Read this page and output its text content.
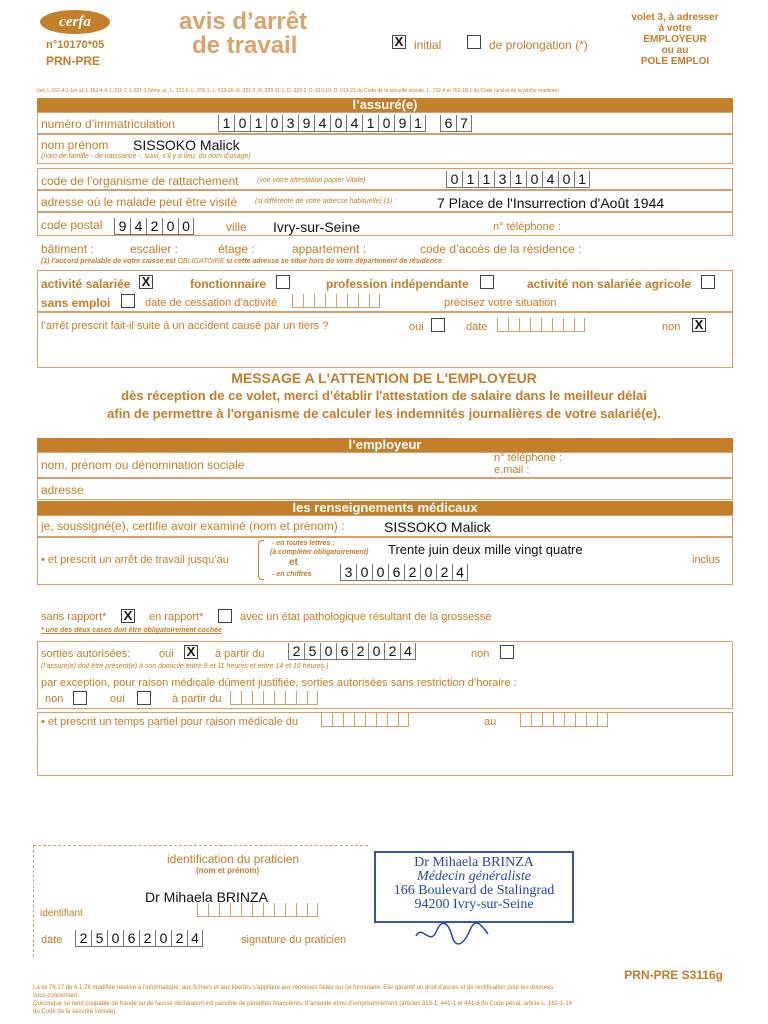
cerfa
n°10170*05
PRN-PRE
avis d’arrêt
de travail	X initial	de prolongation (*)
volet 3, à adresser
à votre
EMPLOYEUR
ou au
POLE EMPLOI
(art. L.162-4-1-1er al, L.162-4-4, L.315-2, L.321-1-5ème al., L. 323-6, L. 376-1, L. 613-20, R. 321-2, R. 323-11-1, D. 323-2, D. 613-19, D. 613-23 du Code de la sécurité sociale, L. 732-4 et 762-18-1 du Code rural et de la pêche maritime)
l’assuré(e)
numéro d’immatriculation	1 0 1 0 3 9 4 0 4 1 0 9 1	6 7
nom prénom SISSOKO Malick
(nom de famille - de naissance -, suivi, s’il y a lieu, du nom d’usage)
code de l’organisme de rattachement	(voir votre attestation papier Vitale)	0 1 1 3 1 0 4 0 1
adresse où le malade peut être visité	(si différente de votre adresse habituelle) (1) :	7 Place de l'Insurrection d'Août 1944
code postal	9 4 2 0 0	ville Ivry-sur-Seine	n° téléphone :
bâtiment :	escalier :	étage :	appartement :	code d’accès de la résidence :
(1) l’accord préalable de votre caisse est OBLIGATOIRE si cette adresse se situe hors de votre département de résidence
activité salariée X	fonctionnaire	profession indépendante	activité non salariée agricole
sans emploi	date de cessation d’activité	précisez votre situation
l’arrêt prescrit fait-il suite à un accident causé par un tiers ?	oui	date	non X
MESSAGE A L'ATTENTION DE L'EMPLOYEUR
dès réception de ce volet, merci d'établir l'attestation de salaire dans le meilleur délai
afin de permettre à l'organisme de calculer les indemnités journalières de votre salarié(e).
l’employeur
nom, prénom ou dénomination sociale	n° téléphone :
e.mail :
adresse
les renseignements médicaux
je, soussigné(e), certifie avoir examiné (nom et prénom) :	SISSOKO Malick
• et prescrit un arrêt de travail jusqu’au
- en toutes lettres :
(à compléter obligatoirement)
et
- en chiffres
Trente juin deux mille vingt quatre
3 0 0 6 2 0 2 4
inclus
sans rapport* X en rapport*	avec un état pathologique résultant de la grossesse
* une des deux cases doit être obligatoirement cochée
sorties autorisées:	oui X à partir du	2 5 0 6 2 0 2 4	non
(l’assuré(e) doit être présent(e) à son domicile entre 9 et 11 heures et entre 14 et 16 heures.)
par exception, pour raison médicale dûment justifiée, sorties autorisées sans restriction d’horaire :
non	oui	à partir du
• et prescrit un temps partiel pour raison médicale du	au
identification du praticien
(nom et prénom)
Dr Mihaela BRINZA
identifiant
date	2 5 0 6 2 0 2 4	signature du praticien
Dr Mihaela BRINZA
Médecin généraliste
166 Boulevard de Stalingrad
94200 Ivry-sur-Seine
PRN-PRE S3116g
La loi 78.17 du 6.1.78 modifiée relative à l’informatique, aux fichiers et aux libertés s’applique aux réponses faites sur ce formulaire. Elle garantit un droit d’accès et de rectification pour les données
vous concernant.
Quiconque se rend coupable de fraude ou de fausse déclaration est passible de pénalités financières, d’amende et/ou d’emprisonnement (articles 313-1, 441-1 et 441-6 du Code pénal, article L. 162-1-14
du Code de la sécurité sociale).
